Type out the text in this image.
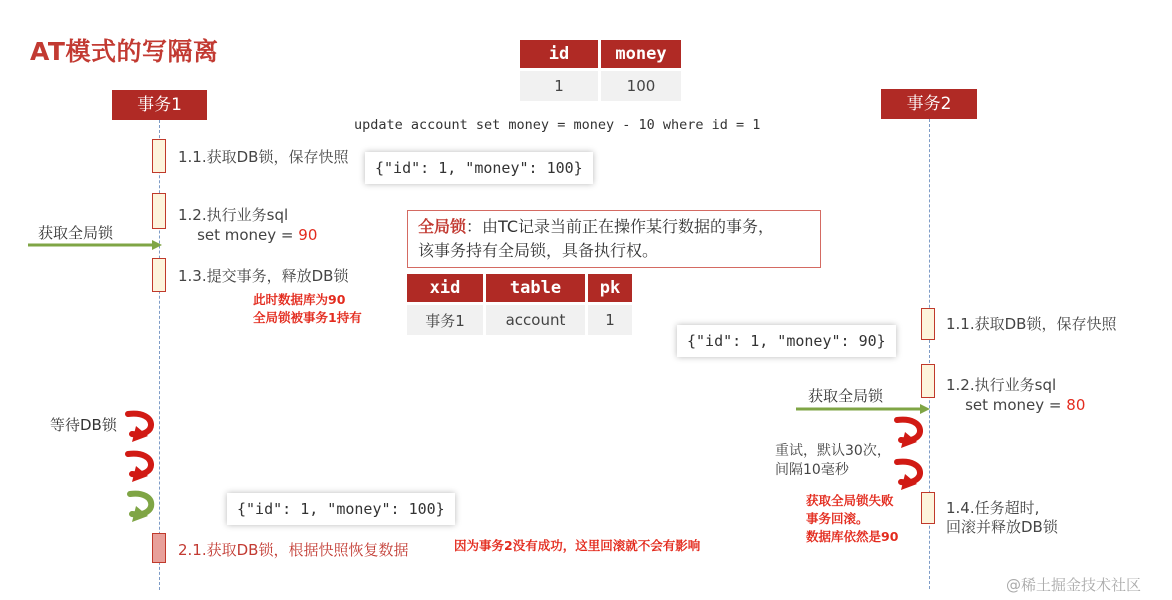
AT模式的写隔离	id	money

1	100
update account set money = money - 10 where id = 1
事务1	事务2
1.1.获取DB锁，保存快照
1.2.执行业务sql
set money = 90
1.3.提交事务，释放DB锁
2.1.获取DB锁，根据快照恢复数据
此时数据库为90
全局锁被事务1持有
{"id": 1, "money": 100}
{"id": 1, "money": 100}
获取全局锁
等待DB锁
全局锁：由TC记录当前正在操作某行数据的事务，
该事务持有全局锁，具备执行权。
xid	table	pk

事务1	account	1	1.1.获取DB锁，保存快照
1.2.执行业务sql
set money = 80
1.4.任务超时,
回滚并释放DB锁
{"id": 1, "money": 90}
获取全局锁
重试，默认30次，
间隔10毫秒
获取全局锁失败
事务回滚。
数据库依然是90
因为事务2没有成功，这里回滚就不会有影响
@稀土掘金技术社区
